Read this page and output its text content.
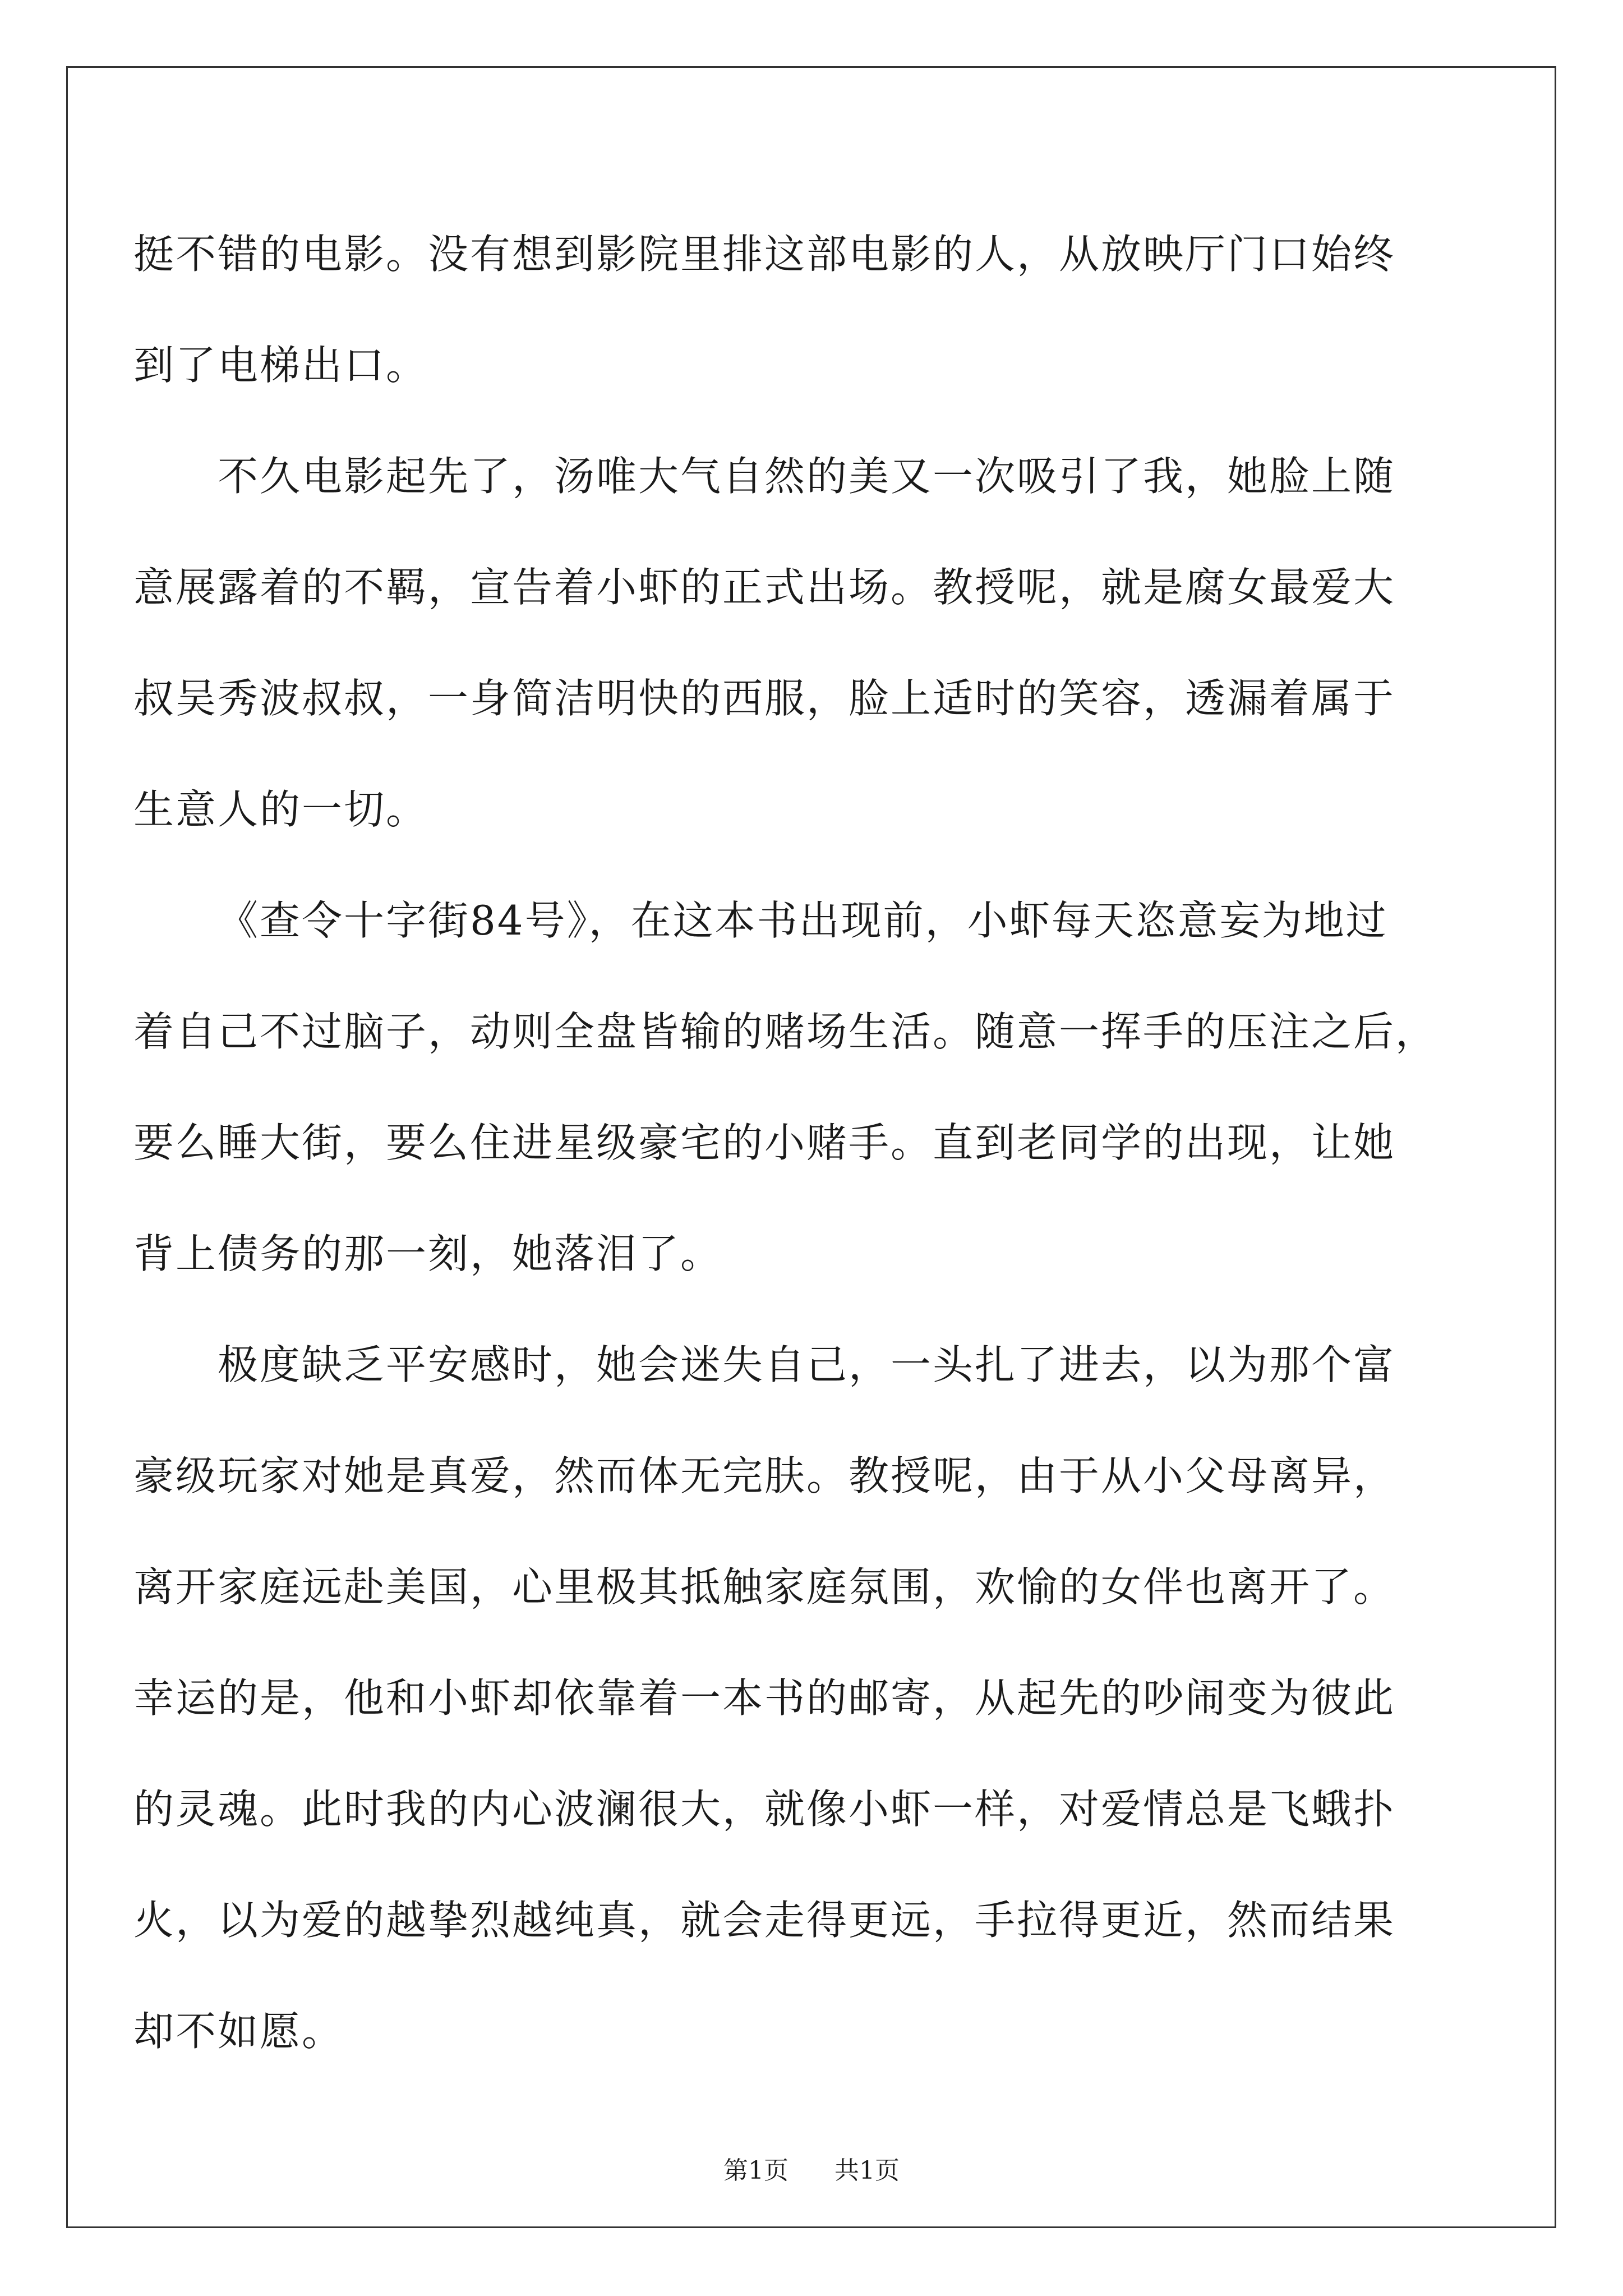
挺不错的电影。没有想到影院里排这部电影的人，从放映厅门口始终

到了电梯出口。

不久电影起先了，汤唯大气自然的美又一次吸引了我，她脸上随

意展露着的不羁，宣告着小虾的正式出场。教授呢，就是腐女最爱大

叔吴秀波叔叔，一身简洁明快的西服，脸上适时的笑容，透漏着属于

生意人的一切。

《查令十字街84号》，在这本书出现前，小虾每天恣意妄为地过

着自己不过脑子，动则全盘皆输的赌场生活。随意一挥手的压注之后，

要么睡大街，要么住进星级豪宅的小赌手。直到老同学的出现，让她

背上债务的那一刻，她落泪了。

极度缺乏平安感时，她会迷失自己，一头扎了进去，以为那个富

豪级玩家对她是真爱，然而体无完肤。教授呢，由于从小父母离异，

离开家庭远赴美国，心里极其抵触家庭氛围，欢愉的女伴也离开了。

幸运的是，他和小虾却依靠着一本书的邮寄，从起先的吵闹变为彼此

的灵魂。此时我的内心波澜很大，就像小虾一样，对爱情总是飞蛾扑

火，以为爱的越挚烈越纯真，就会走得更远，手拉得更近，然而结果

却不如愿。

第1页 共1页
